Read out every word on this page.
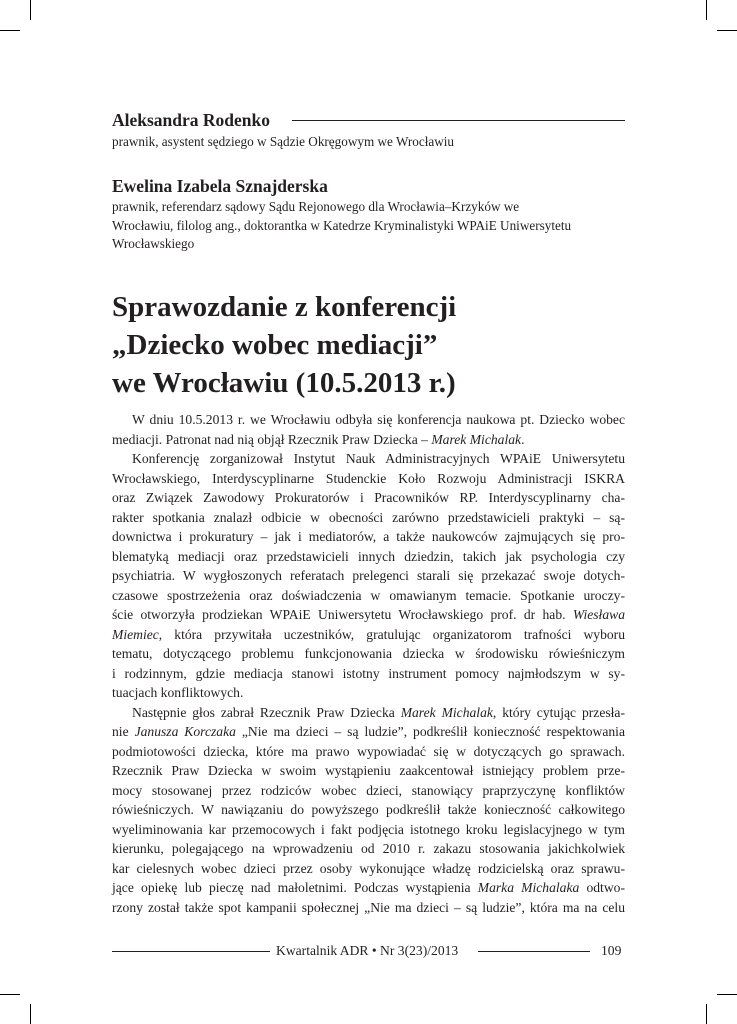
Aleksandra Rodenko

prawnik, asystent sędziego w Sądzie Okręgowym we Wrocławiu

Ewelina Izabela Sznajderska

prawnik, referendarz sądowy Sądu Rejonowego dla Wrocławia–Krzyków we
Wrocławiu, filolog ang., doktorantka w Katedrze Kryminalistyki WPAiE Uniwersytetu
Wrocławskiego

Sprawozdanie z konferencji
„Dziecko wobec mediacji”
we Wrocławiu (10.5.2013 r.)
W dniu 10.5.2013 r. we Wrocławiu odbyła się konferencja naukowa pt. Dziecko wobec
mediacji. Patronat nad nią objął Rzecznik Praw Dziecka – Marek Michalak.
Konferencję zorganizował Instytut Nauk Administracyjnych WPAiE Uniwersytetu
Wrocławskiego, Interdyscyplinarne Studenckie Koło Rozwoju Administracji ISKRA
oraz Związek Zawodowy Prokuratorów i Pracowników RP. Interdyscyplinarny cha-
rakter spotkania znalazł odbicie w obecności zarówno przedstawicieli praktyki – są-
downictwa i prokuratury – jak i mediatorów, a także naukowców zajmujących się pro-
blematyką mediacji oraz przedstawicieli innych dziedzin, takich jak psychologia czy
psychiatria. W wygłoszonych referatach prelegenci starali się przekazać swoje dotych-
czasowe spostrzeżenia oraz doświadczenia w omawianym temacie. Spotkanie uroczy-
ście otworzyła prodziekan WPAiE Uniwersytetu Wrocławskiego prof. dr hab. Wiesława
Miemiec, która przywitała uczestników, gratulując organizatorom trafności wyboru
tematu, dotyczącego problemu funkcjonowania dziecka w środowisku rówieśniczym
i rodzinnym, gdzie mediacja stanowi istotny instrument pomocy najmłodszym w sy-
tuacjach konfliktowych.
Następnie głos zabrał Rzecznik Praw Dziecka Marek Michalak, który cytując przesła-
nie Janusza Korczaka „Nie ma dzieci – są ludzie”, podkreślił konieczność respektowania
podmiotowości dziecka, które ma prawo wypowiadać się w dotyczących go sprawach.
Rzecznik Praw Dziecka w swoim wystąpieniu zaakcentował istniejący problem prze-
mocy stosowanej przez rodziców wobec dzieci, stanowiący praprzyczynę konfliktów
rówieśniczych. W nawiązaniu do powyższego podkreślił także konieczność całkowitego
wyeliminowania kar przemocowych i fakt podjęcia istotnego kroku legislacyjnego w tym
kierunku, polegającego na wprowadzeniu od 2010 r. zakazu stosowania jakichkolwiek
kar cielesnych wobec dzieci przez osoby wykonujące władzę rodzicielską oraz sprawu-
jące opiekę lub pieczę nad małoletnimi. Podczas wystąpienia Marka Michalaka odtwo-
rzony został także spot kampanii społecznej „Nie ma dzieci – są ludzie”, która ma na celu
Kwartalnik ADR • Nr 3(23)/2013	109
